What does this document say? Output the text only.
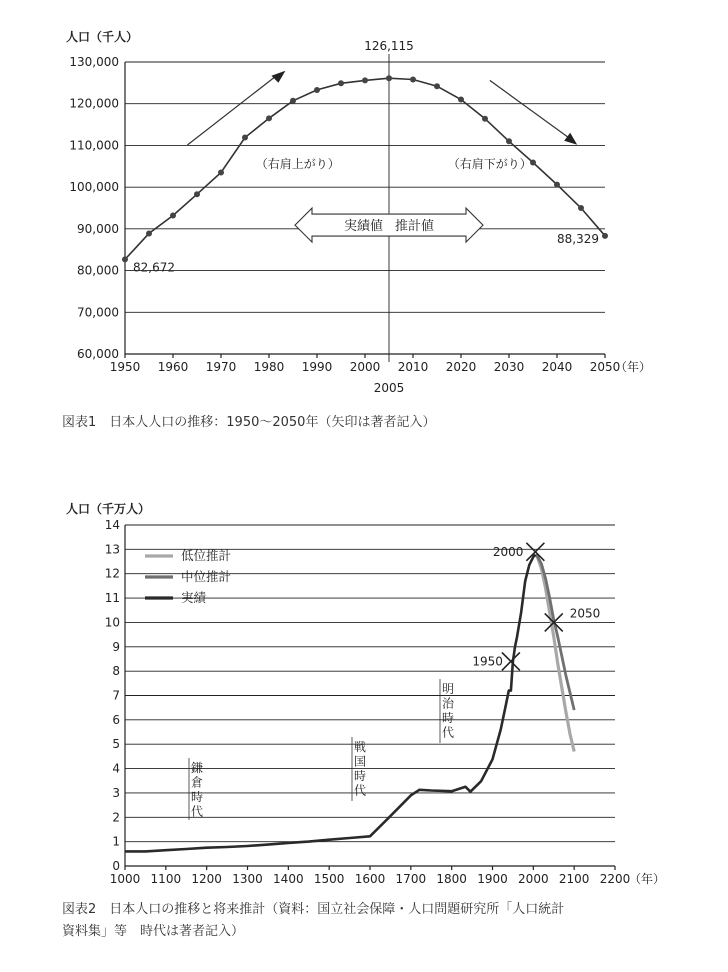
60,000
70,000
80,000
90,000
100,000
110,000
120,000
130,000
1950 1960 1970 1980 1990 2000 2010 2020 2030 2040 2050
2005
（年）
人口（千人）
126,115
82,672
88,329
（右肩上がり）	（右肩下がり）
実績値 推計値
図表1　日本人人口の推移：1950〜2050年（矢印は著者記入）
0
1
2
3
4
5
6
7
8
9
10
11
12
13
14
1000 1100 1200 1300 1400 1500 1600 1700 1800 1900 2000 2100 2200
（年）
人口（千万人）
低位推計
中位推計
実績
1950
2000
2050
鎌
倉
時
代
戦
国
時
代
明
治
時
代
図表2　日本人口の推移と将来推計（資料：国立社会保障・人口問題研究所「人口統計
資料集」等　時代は著者記入）
